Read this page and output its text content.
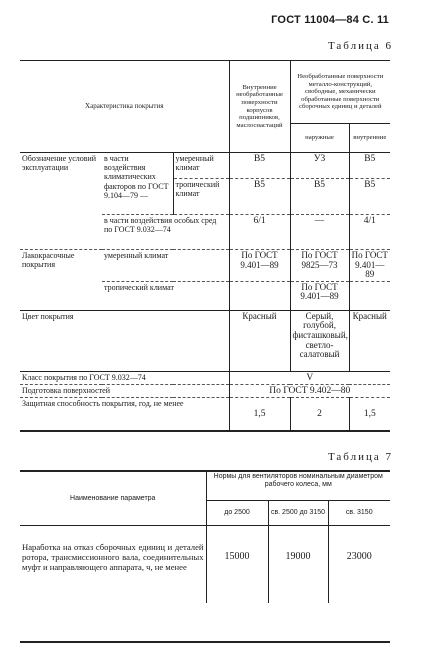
ГОСТ 11004—84 С. 11
Таблица 6
Характеристика покрытия			Внутренние необработанные поверхности корпусов подшипников, маслоснастаций	Необработанные поверхности металло-конструкций, свободные, механически обработанные поверхности сборочных единиц и деталей	
				наружные	внутренние
Обозначение условий эксплуатации	в части воздействия климатических факторов по ГОСТ 9.104—79 —	умеренный климат	В5	У3	В5
		тропический климат	В5	В5	В5
	в части воздействия особых сред по ГОСТ 9.032—74		6/1	—	4/1
Лакокрасочные покрытия	умеренный климат		По ГОСТ 9.401—89	По ГОСТ 9825—73	По ГОСТ 9.401—89
	тропический климат			По ГОСТ 9.401—89	
Цвет покрытия			Красный	Серый, голубой, фисташковый, светло-салатовый	Красный
Класс покрытия по ГОСТ 9.032—74			V		
Подготовка поверхностей			По ГОСТ 9.402—80		
Защитная способность покрытия, год, не менее			1,5	2	1,5
Таблица 7
Наименование параметра	Нормы для вентиляторов номинальным диаметром рабочего колеса, мм		
	до 2500	св. 2500 до 3150	св. 3150
Наработка на отказ сборочных единиц и деталей ротора, трансмиссионного вала, соединительных муфт и направляющего аппарата, ч, не менее	15000	19000	23000
